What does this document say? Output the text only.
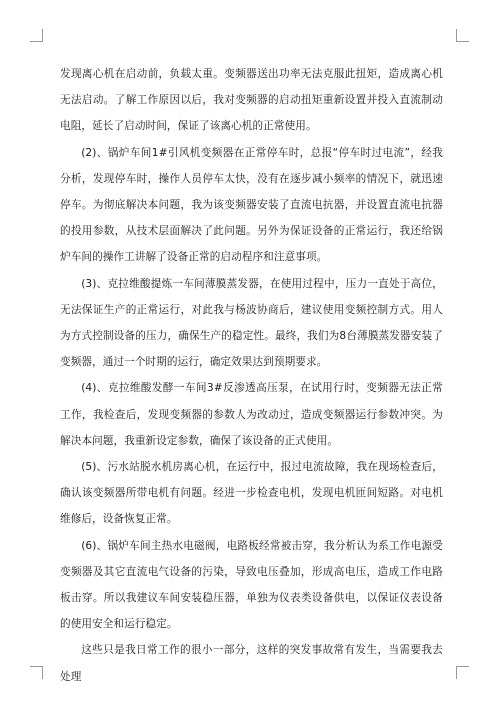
发现离心机在启动前，负载太重。变频器送出功率无法克服此扭矩，造成离心机无法启动。了解工作原因以后，我对变频器的启动扭矩重新设置并投入直流制动电阻，延长了启动时间，保证了该离心机的正常使用。

(2)、锅炉车间1#引风机变频器在正常停车时，总报“停车时过电流”，经我分析，发现停车时，操作人员停车太快，没有在逐步减小频率的情况下，就迅速停车。为彻底解决本问题，我为该变频器安装了直流电抗器，并设置直流电抗器的投用参数，从技术层面解决了此问题。另外为保证设备的正常运行，我还给锅炉车间的操作工讲解了设备正常的启动程序和注意事项。

(3)、克拉维酸提炼一车间薄膜蒸发器，在使用过程中，压力一直处于高位，无法保证生产的正常运行，对此我与杨波协商后，建议使用变频控制方式。用人为方式控制设备的压力，确保生产的稳定性。最终，我们为8台薄膜蒸发器安装了变频器，通过一个时期的运行，确定效果达到预期要求。

(4)、克拉维酸发酵一车间3#反渗透高压泵，在试用行时，变频器无法正常工作，我检查后，发现变频器的参数人为改动过，造成变频器运行参数冲突。为解决本问题，我重新设定参数，确保了该设备的正式使用。

(5)、污水站脱水机房离心机，在运行中，报过电流故障，我在现场检查后，确认该变频器所带电机有问题。经进一步检查电机，发现电机匝间短路。对电机维修后，设备恢复正常。

(6)、锅炉车间主热水电磁阀，电路板经常被击穿，我分析认为系工作电源受变频器及其它直流电气设备的污染，导致电压叠加，形成高电压，造成工作电路板击穿。所以我建议车间安装稳压器，单独为仪表类设备供电，以保证仪表设备的使用安全和运行稳定。

这些只是我日常工作的很小一部分，这样的突发事故常有发生，当需要我去处理
